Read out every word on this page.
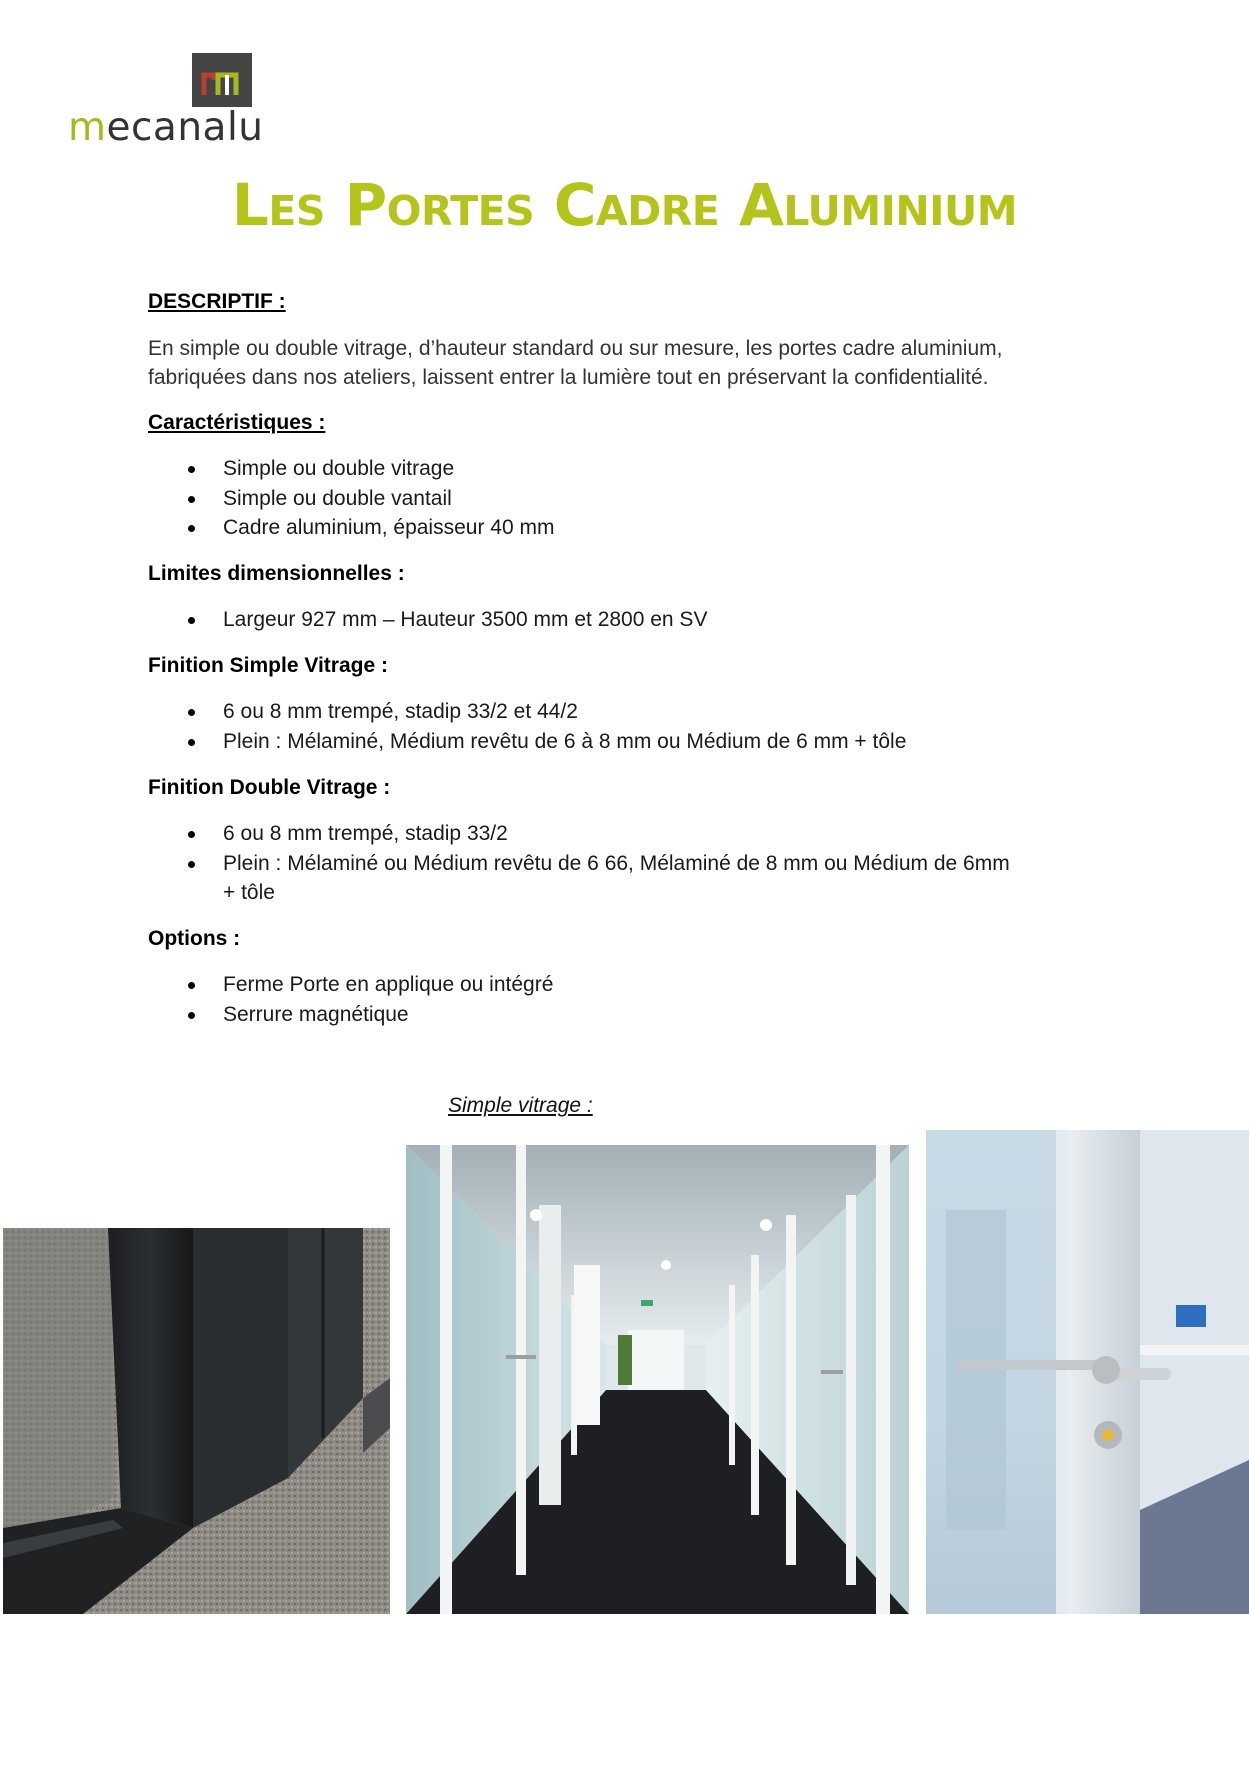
mecanalu
Les Portes Cadre Aluminium
DESCRIPTIF :
En simple ou double vitrage, d’hauteur standard ou sur mesure, les portes cadre aluminium,
fabriquées dans nos ateliers, laissent entrer la lumière tout en préservant la confidentialité.
Caractéristiques :
Simple ou double vitrage
Simple ou double vantail
Cadre aluminium, épaisseur 40 mm
Limites dimensionnelles :
Largeur 927 mm – Hauteur 3500 mm et 2800 en SV
Finition Simple Vitrage :
6 ou 8 mm trempé, stadip 33/2 et 44/2
Plein : Mélaminé, Médium revêtu de 6 à 8 mm ou Médium de 6 mm + tôle
Finition Double Vitrage :
6 ou 8 mm trempé, stadip 33/2
Plein : Mélaminé ou Médium revêtu de 6 66, Mélaminé de 8 mm ou Médium de 6mm
+ tôle
Options :
Ferme Porte en applique ou intégré
Serrure magnétique
Simple vitrage :
